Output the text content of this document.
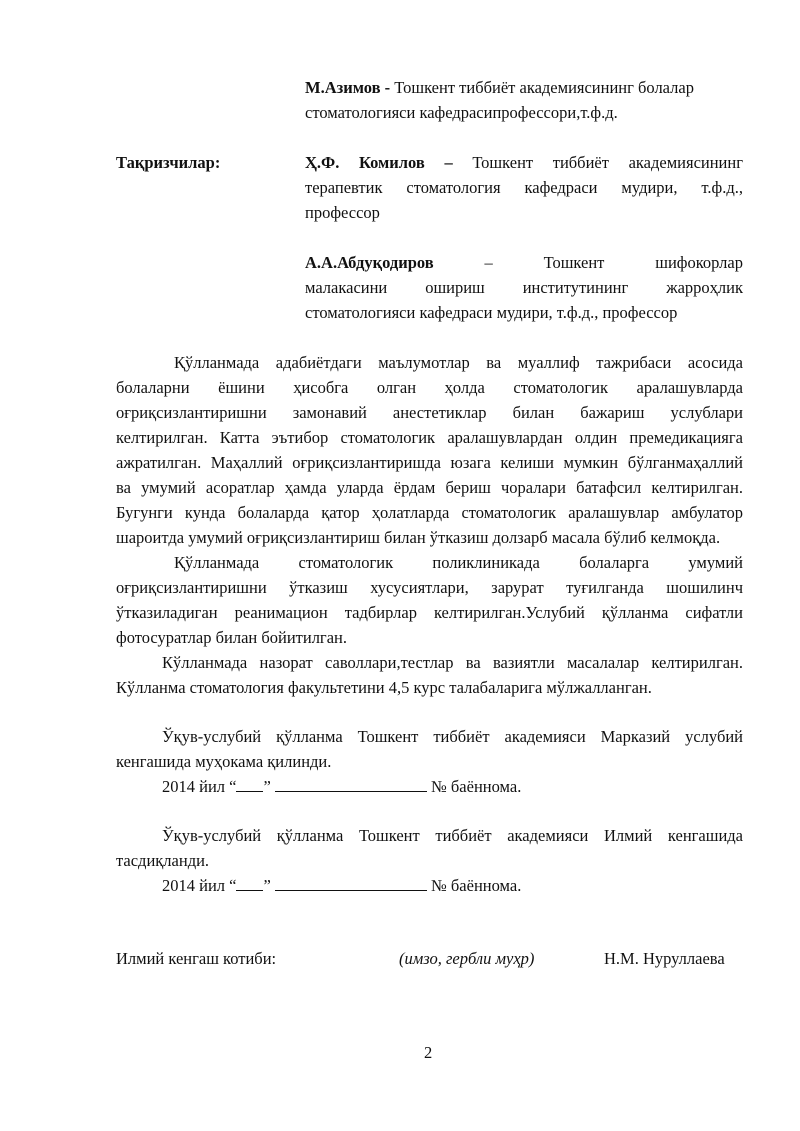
М.Азимов - Тошкент тиббиёт академиясининг болалар
стоматологияси кафедрасипрофессори,т.ф.д.
Тақризчилар:	Ҳ.Ф. Комилов – Тошкент тиббиёт академиясининг
терапевтик стоматология кафедраси мудири, т.ф.д.,
профессор
А.А.Абдуқодиров – Тошкент шифокорлар
малакасини ошириш институтининг жарроҳлик
стоматологияси кафедраси мудири, т.ф.д., профессор
Қўлланмада адабиётдаги маълумотлар ва муаллиф тажрибаси асосида
болаларни ёшини ҳисобга олган ҳолда стоматологик аралашувларда
оғриқсизлантиришни замонавий анестетиклар билан бажариш услублари
келтирилган. Катта эътибор стоматологик аралашувлардан олдин премедикацияга
ажратилган. Маҳаллий оғриқсизлантиришда юзага келиши мумкин бўлганмаҳаллий
ва умумий асоратлар ҳамда уларда ёрдам бериш чоралари батафсил келтирилган.
Бугунги кунда болаларда қатор ҳолатларда стоматологик аралашувлар амбулатор
шароитда умумий оғриқсизлантириш билан ўтказиш долзарб масала бўлиб келмоқда.
Қўлланмада стоматологик поликлиникада болаларга умумий
оғриқсизлантиришни ўтказиш хусусиятлари, зарурат туғилганда шошилинч
ўтказиладиган реанимацион тадбирлар келтирилган.Услубий қўлланма сифатли
фотосуратлар билан бойитилган.
Кўлланмада назорат саволлари,тестлар ва вазиятли масалалар келтирилган.
Кўлланма стоматология факультетини 4,5 курс талабаларига мўлжалланган.
Ўқув-услубий қўлланма Тошкент тиббиёт академияси Марказий услубий
кенгашида муҳокама қилинди.
2014 йил “ ”	№ баённома.
Ўқув-услубий қўлланма Тошкент тиббиёт академияси Илмий кенгашида
тасдиқланди.
2014 йил “ ”	№ баённома.
Илмий кенгаш котиби:	(имзо, гербли муҳр)	Н.М. Нуруллаева
2
